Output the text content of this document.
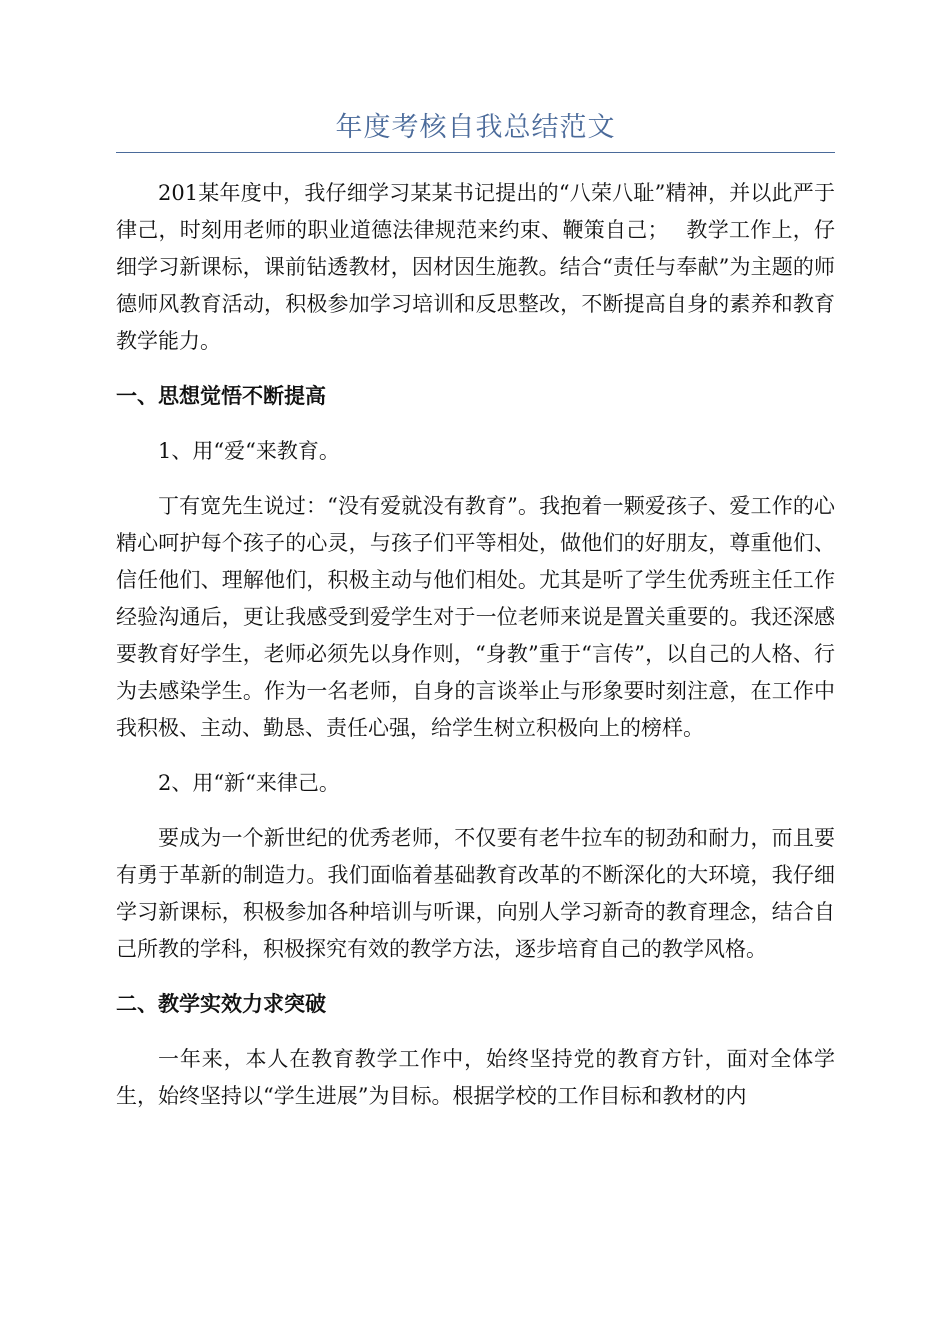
年度考核自我总结范文

201某年度中，我仔细学习某某书记提出的“八荣八耻”精神，并以此严于律己，时刻用老师的职业道德法律规范来约束、鞭策自己；　 教学工作上，仔细学习新课标，课前钻透教材，因材因生施教。结合“责任与奉献”为主题的师德师风教育活动，积极参加学习培训和反思整改，不断提高自身的素养和教育教学能力。

一、思想觉悟不断提高

1、用“爱“来教育。

丁有宽先生说过：“没有爱就没有教育”。我抱着一颗爱孩子、爱工作的心精心呵护每个孩子的心灵，与孩子们平等相处，做他们的好朋友，尊重他们、信任他们、理解他们，积极主动与他们相处。尤其是听了学生优秀班主任工作经验沟通后，更让我感受到爱学生对于一位老师来说是置关重要的。我还深感要教育好学生，老师必须先以身作则，“身教”重于“言传”，以自己的人格、行为去感染学生。作为一名老师，自身的言谈举止与形象要时刻注意，在工作中我积极、主动、勤恳、责任心强，给学生树立积极向上的榜样。

2、用“新“来律己。

要成为一个新世纪的优秀老师，不仅要有老牛拉车的韧劲和耐力，而且要有勇于革新的制造力。我们面临着基础教育改革的不断深化的大环境，我仔细学习新课标，积极参加各种培训与听课，向别人学习新奇的教育理念，结合自己所教的学科，积极探究有效的教学方法，逐步培育自己的教学风格。

二、教学实效力求突破

一年来，本人在教育教学工作中，始终坚持党的教育方针，面对全体学生，始终坚持以“学生进展”为目标。根据学校的工作目标和教材的内
